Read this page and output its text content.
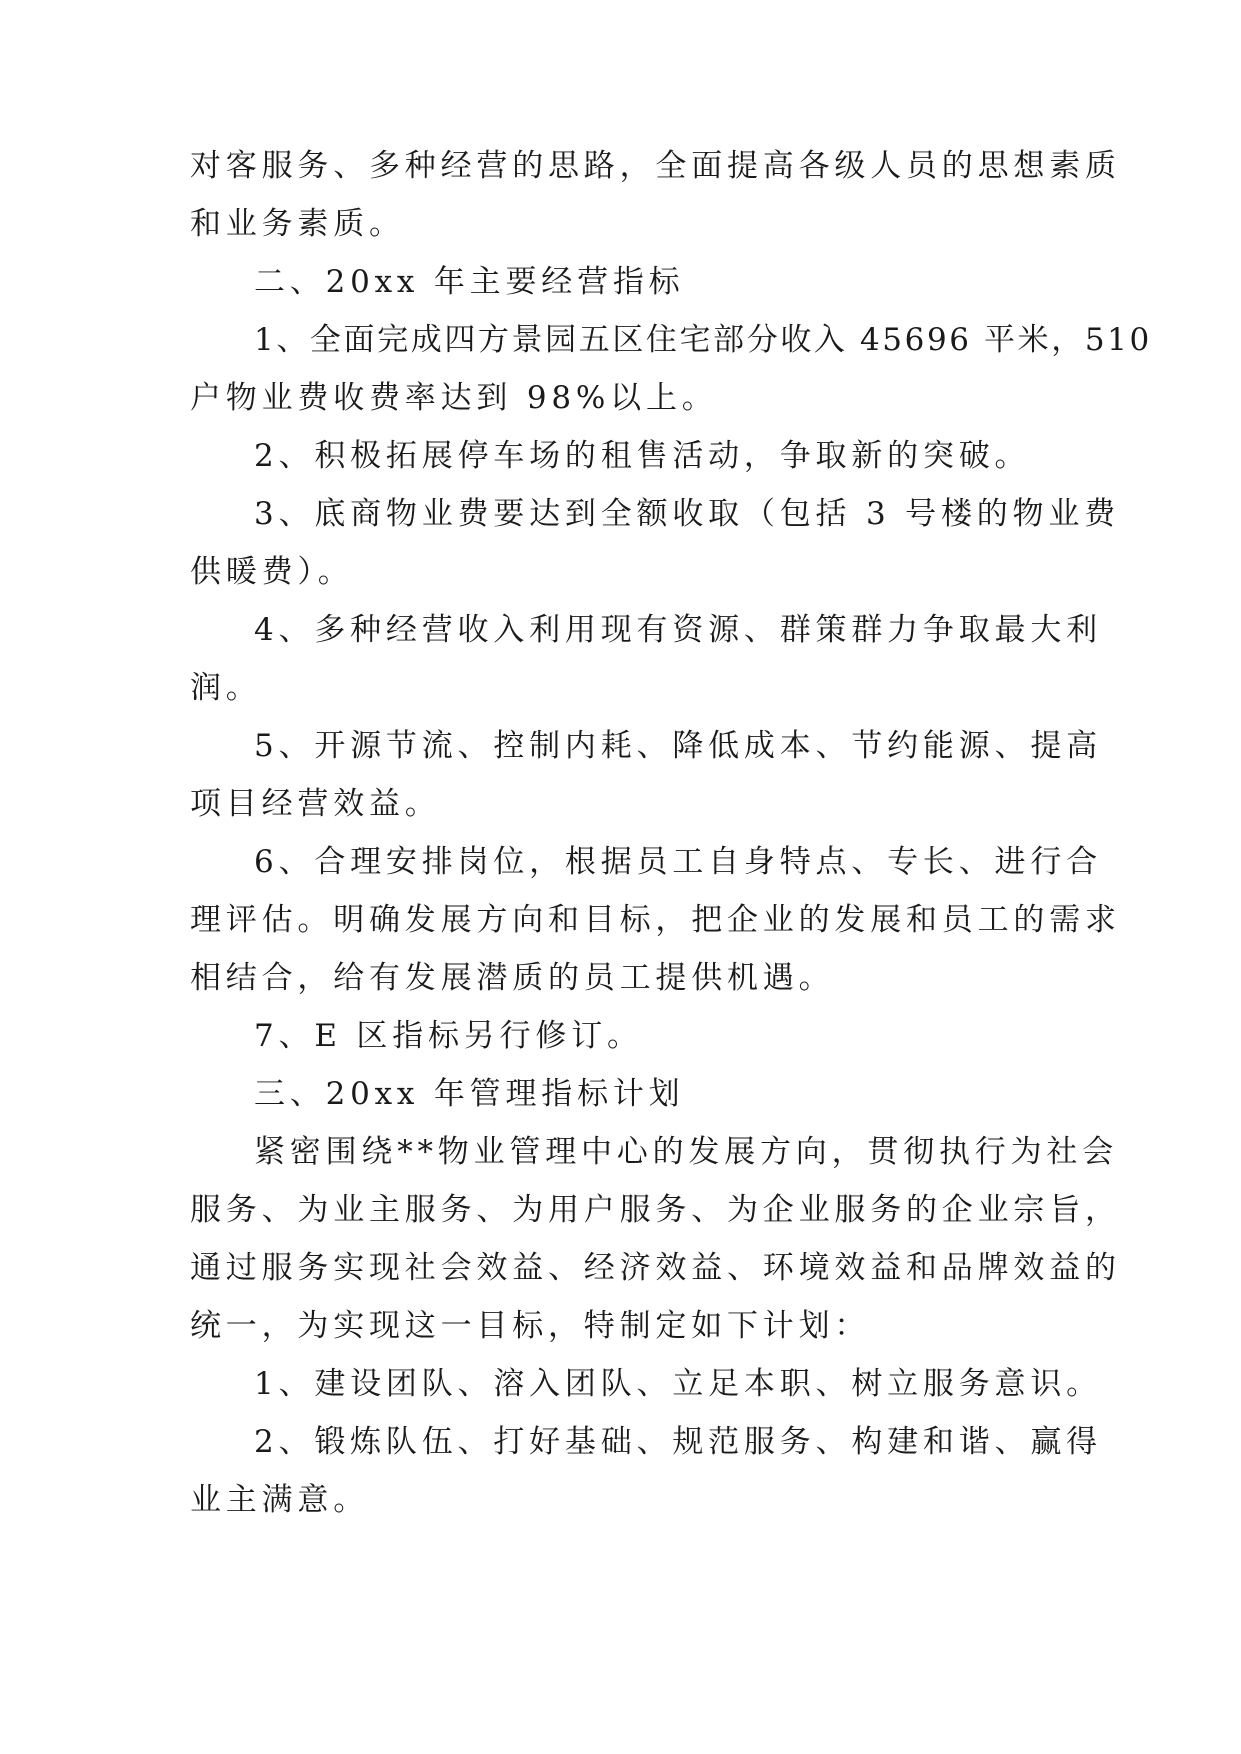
对客服务、多种经营的思路，全面提高各级人员的思想素质
和业务素质。
二、20xx 年主要经营指标
1、全面完成四方景园五区住宅部分收入 45696 平米，510
户物业费收费率达到 98%以上。
2、积极拓展停车场的租售活动，争取新的突破。
3、底商物业费要达到全额收取（包括 3 号楼的物业费
供暖费）。
4、多种经营收入利用现有资源、群策群力争取最大利
润。
5、开源节流、控制内耗、降低成本、节约能源、提高
项目经营效益。
6、合理安排岗位，根据员工自身特点、专长、进行合
理评估。明确发展方向和目标，把企业的发展和员工的需求
相结合，给有发展潜质的员工提供机遇。
7、E 区指标另行修订。
三、20xx 年管理指标计划
紧密围绕**物业管理中心的发展方向，贯彻执行为社会
服务、为业主服务、为用户服务、为企业服务的企业宗旨，
通过服务实现社会效益、经济效益、环境效益和品牌效益的
统一，为实现这一目标，特制定如下计划：
1、建设团队、溶入团队、立足本职、树立服务意识。
2、锻炼队伍、打好基础、规范服务、构建和谐、赢得
业主满意。
